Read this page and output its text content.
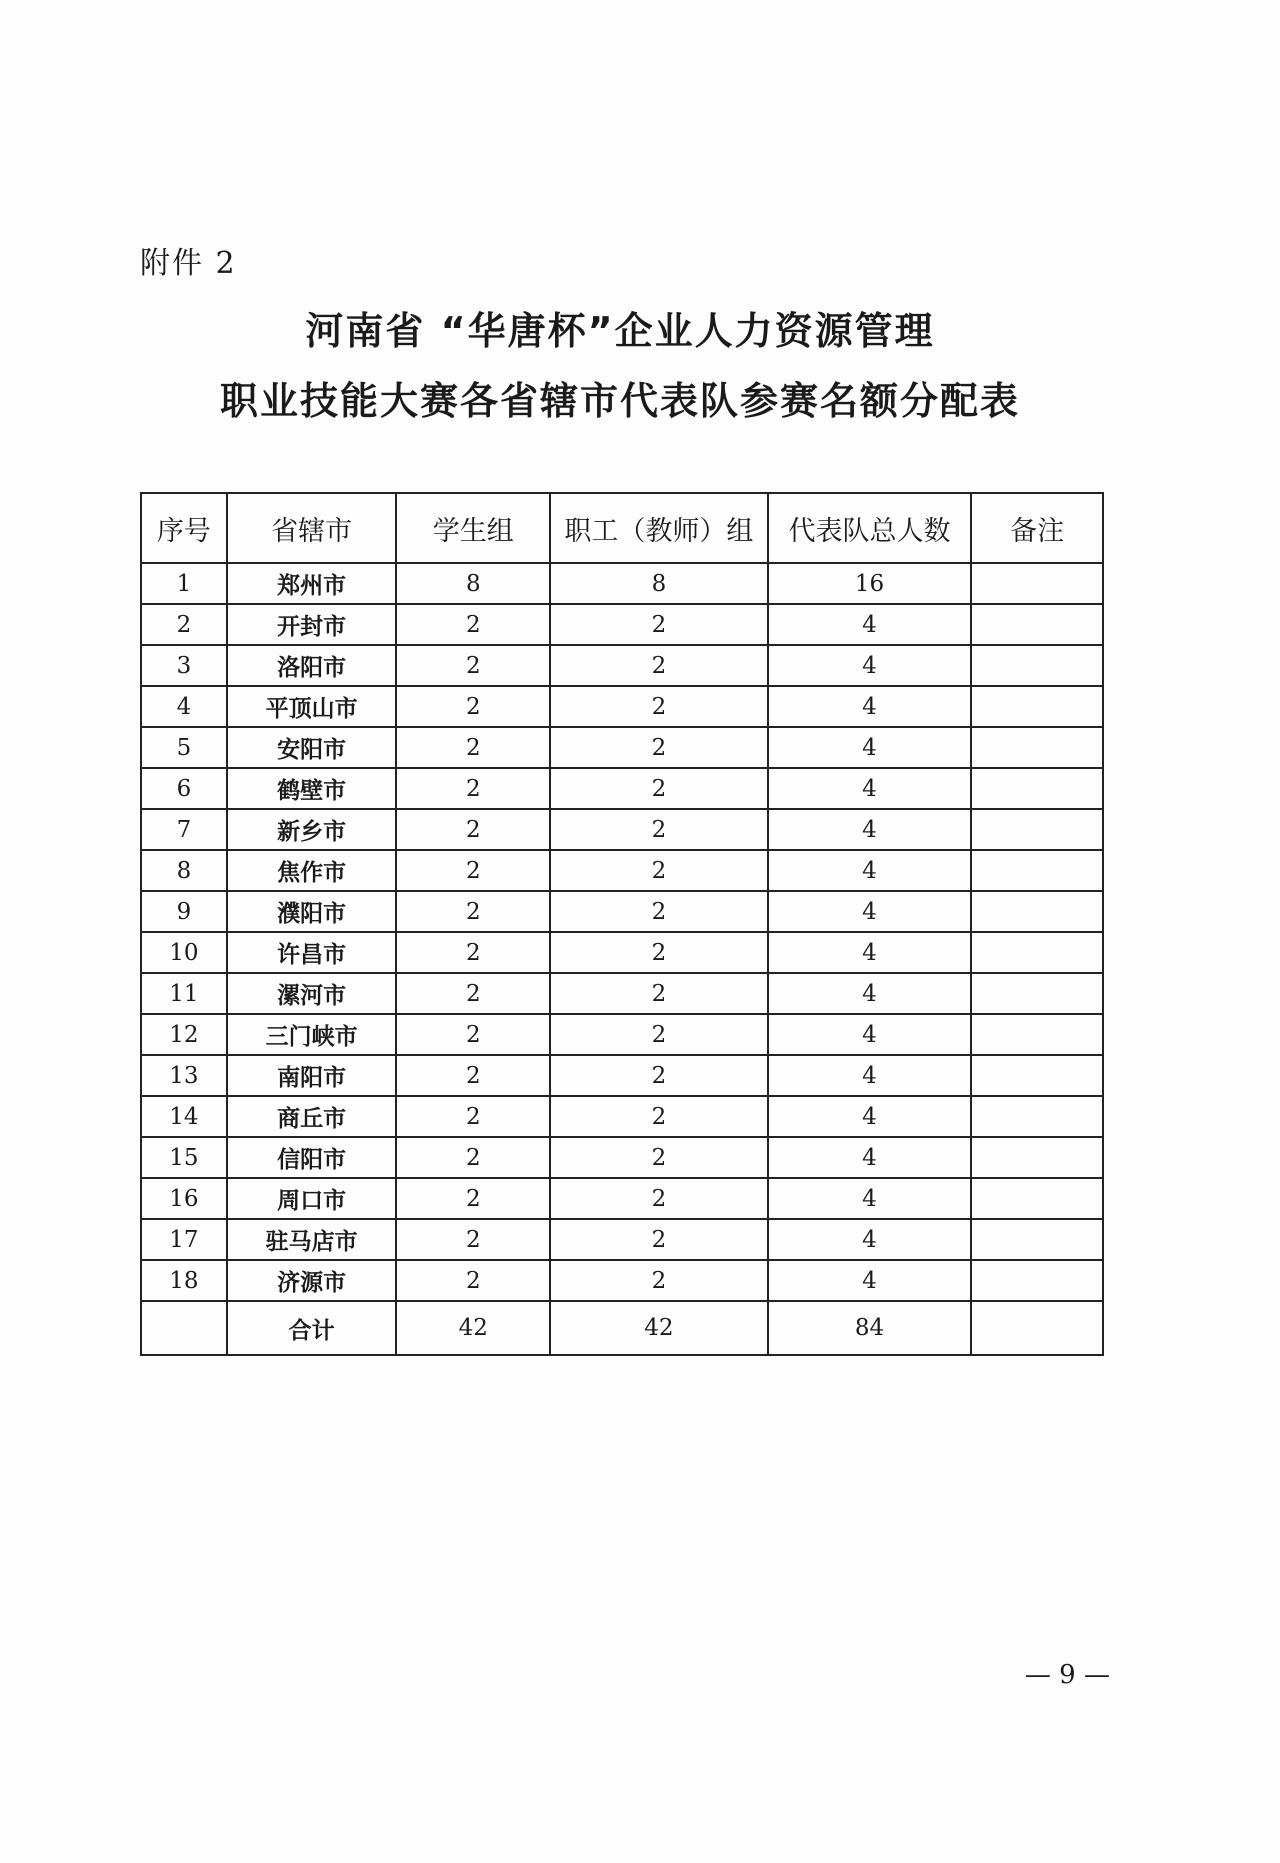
附件 2
河南省 “华唐杯”企业人力资源管理
职业技能大赛各省辖市代表队参赛名额分配表
序号	省辖市	学生组	职工（教师）组	代表队总人数	备注
1	郑州市	8	8	16	
2	开封市	2	2	4	
3	洛阳市	2	2	4	
4	平顶山市	2	2	4	
5	安阳市	2	2	4	
6	鹤壁市	2	2	4	
7	新乡市	2	2	4	
8	焦作市	2	2	4	
9	濮阳市	2	2	4	
10	许昌市	2	2	4	
11	漯河市	2	2	4	
12	三门峡市	2	2	4	
13	南阳市	2	2	4	
14	商丘市	2	2	4	
15	信阳市	2	2	4	
16	周口市	2	2	4	
17	驻马店市	2	2	4	
18	济源市	2	2	4	
	合计	42	42	84	
— 9 —
